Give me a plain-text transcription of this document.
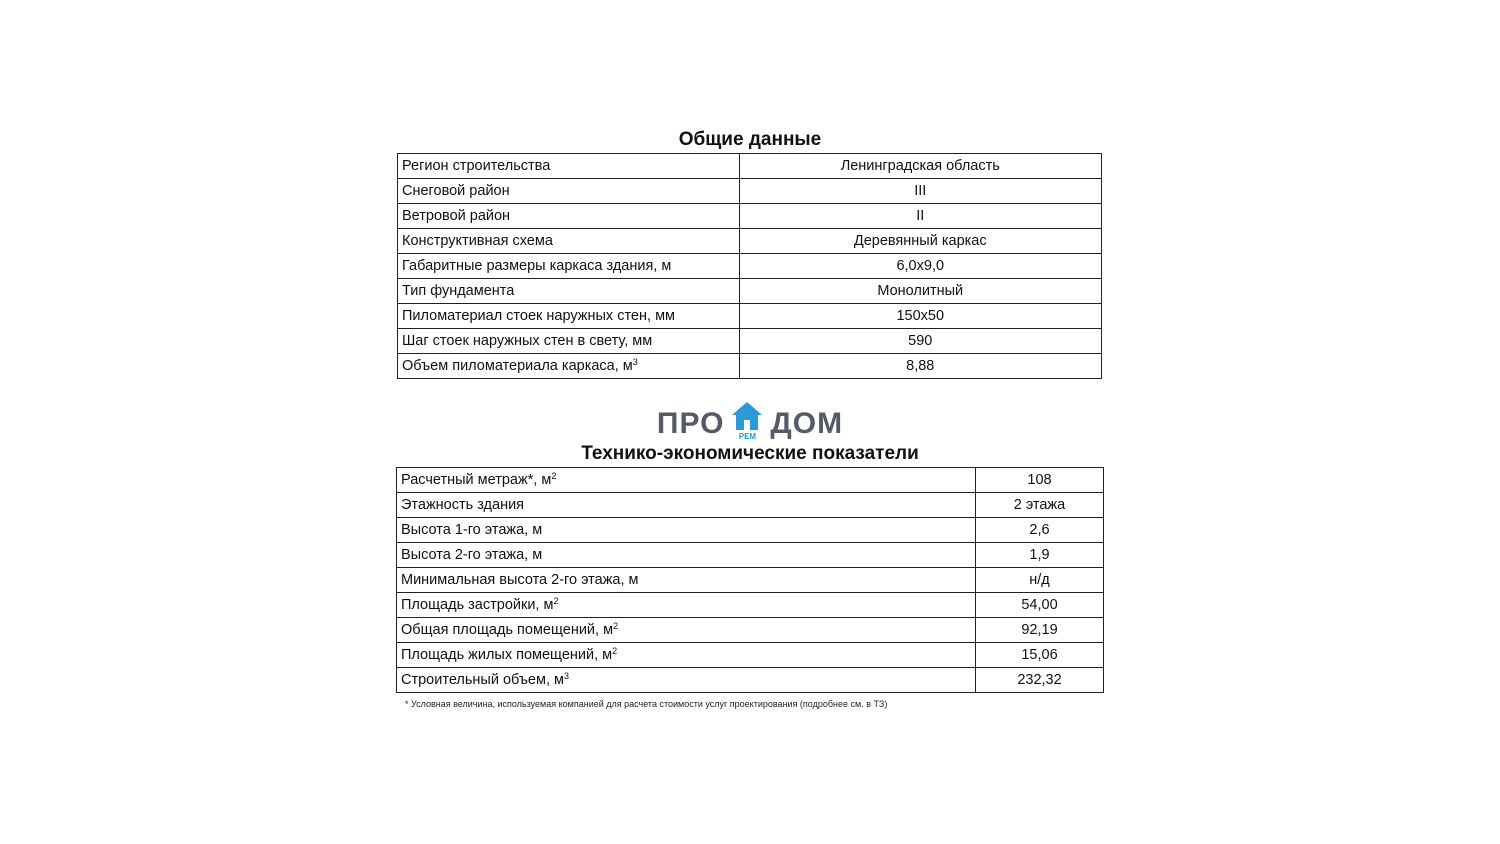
Общие данные
Регион строительства	Ленинградская область
Снеговой район	III
Ветровой район	II
Конструктивная схема	Деревянный каркас
Габаритные размеры каркаса здания, м	6,0х9,0
Тип фундамента	Монолитный
Пиломатериал стоек наружных стен, мм	150х50
Шаг стоек наружных стен в свету, мм	590
Объем пиломатериала каркаса, $м^3$	8,88
ПРО	РЕМ ДОМ
Технико-экономические показатели
Расчетный метраж*, $м^2$	108
Этажность здания	2 этажа
Высота 1-го этажа, м	2,6
Высота 2-го этажа, м	1,9
Минимальная высота 2-го этажа, м	н/д
Площадь застройки, $м^2$	54,00
Общая площадь помещений, $м^2$	92,19
Площадь жилых помещений, $м^2$	15,06
Строительный объем, $м^3$	232,32
* Условная величина, используемая компанией для расчета стоимости услуг проектирования (подробнее см. в ТЗ)
